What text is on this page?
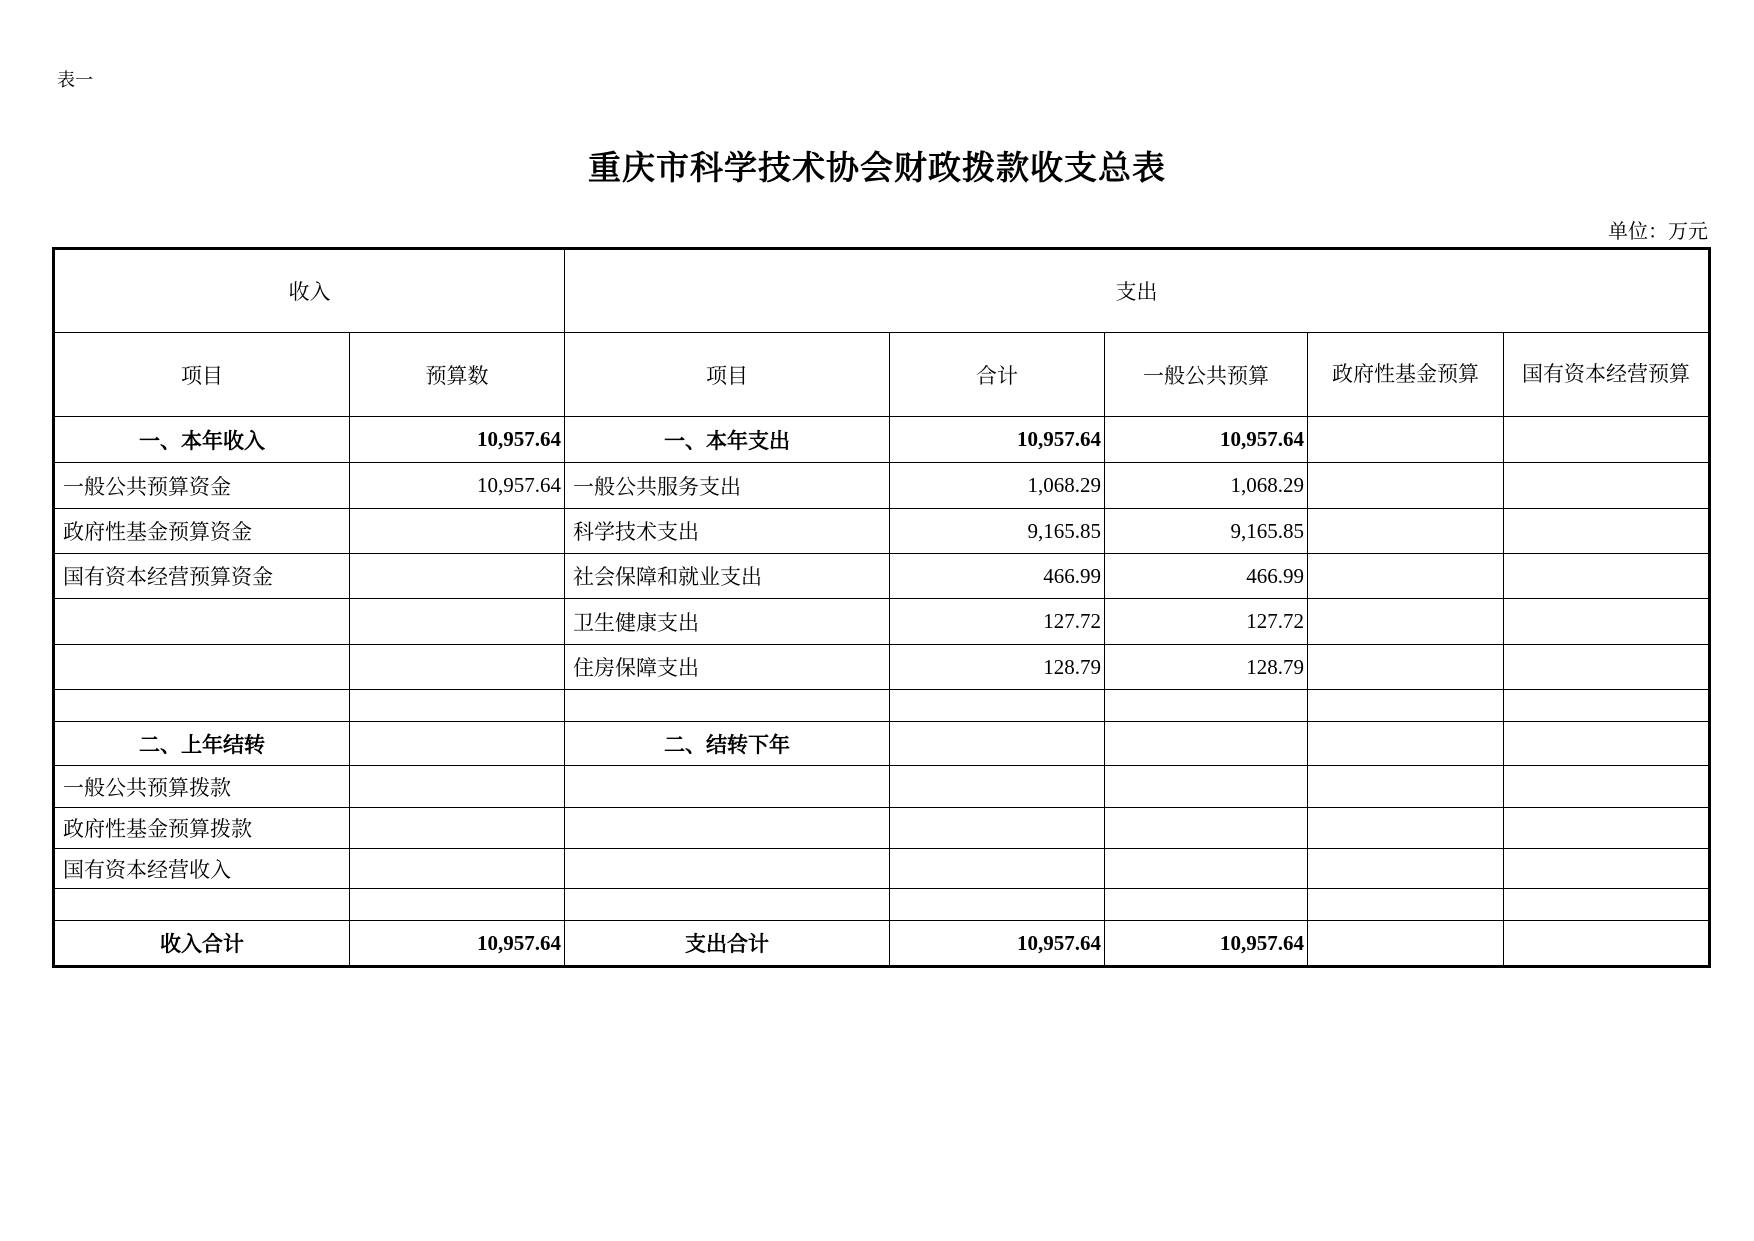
表一
重庆市科学技术协会财政拨款收支总表
单位：万元
收入		支出				
项目	预算数	项目	合计	一般公共预算	政府性基金预算	国有资本经营预算
一、本年收入	10,957.64	一、本年支出	10,957.64	10,957.64		
一般公共预算资金	10,957.64	一般公共服务支出	1,068.29	1,068.29		
政府性基金预算资金		科学技术支出	9,165.85	9,165.85		
国有资本经营预算资金		社会保障和就业支出	466.99	466.99		
		卫生健康支出	127.72	127.72		
		住房保障支出	128.79	128.79		

二、上年结转		二、结转下年				
一般公共预算拨款						
政府性基金预算拨款						
国有资本经营收入						

收入合计	10,957.64	支出合计	10,957.64	10,957.64		
